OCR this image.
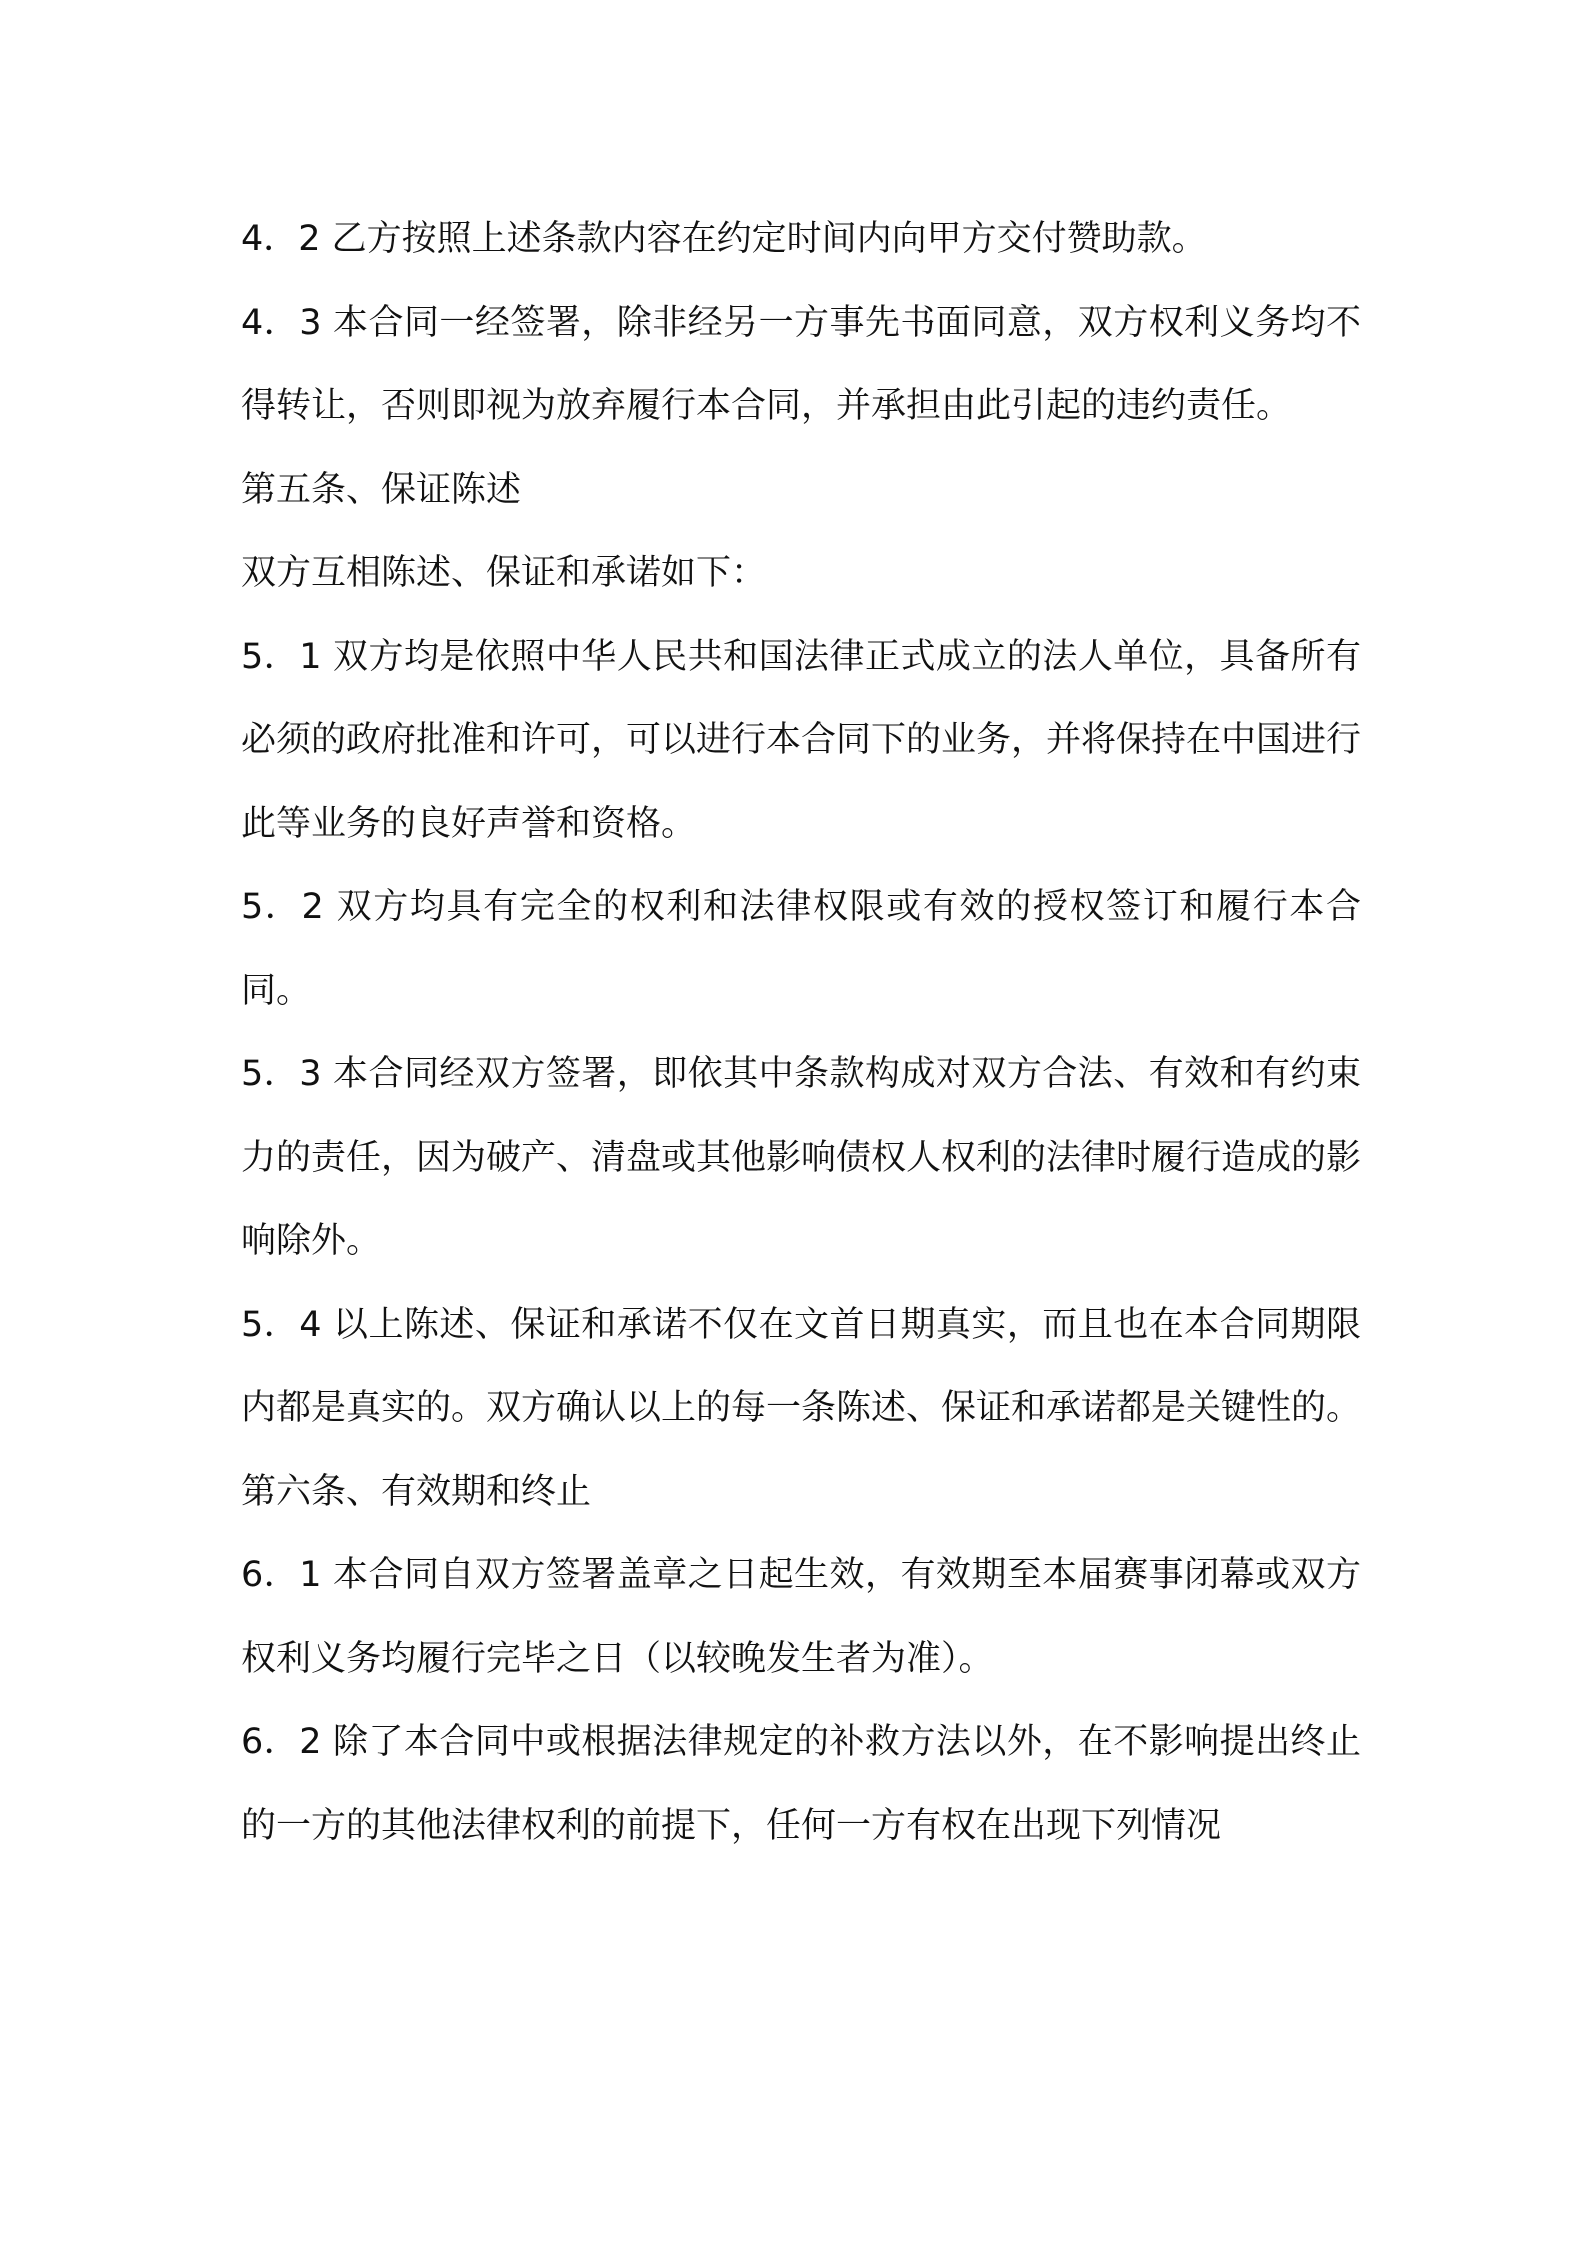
4．2 乙方按照上述条款内容在约定时间内向甲方交付赞助款。

4．3 本合同一经签署，除非经另一方事先书面同意，双方权利义务均不得转让，否则即视为放弃履行本合同，并承担由此引起的违约责任。

第五条、保证陈述

双方互相陈述、保证和承诺如下：

5．1 双方均是依照中华人民共和国法律正式成立的法人单位，具备所有必须的政府批准和许可，可以进行本合同下的业务，并将保持在中国进行此等业务的良好声誉和资格。

5．2 双方均具有完全的权利和法律权限或有效的授权签订和履行本合同。

5．3 本合同经双方签署，即依其中条款构成对双方合法、有效和有约束力的责任，因为破产、清盘或其他影响债权人权利的法律时履行造成的影响除外。

5．4 以上陈述、保证和承诺不仅在文首日期真实，而且也在本合同期限内都是真实的。双方确认以上的每一条陈述、保证和承诺都是关键性的。

第六条、有效期和终止

6．1 本合同自双方签署盖章之日起生效，有效期至本届赛事闭幕或双方权利义务均履行完毕之日（以较晚发生者为准）。

6．2 除了本合同中或根据法律规定的补救方法以外，在不影响提出终止的一方的其他法律权利的前提下，任何一方有权在出现下列情况
